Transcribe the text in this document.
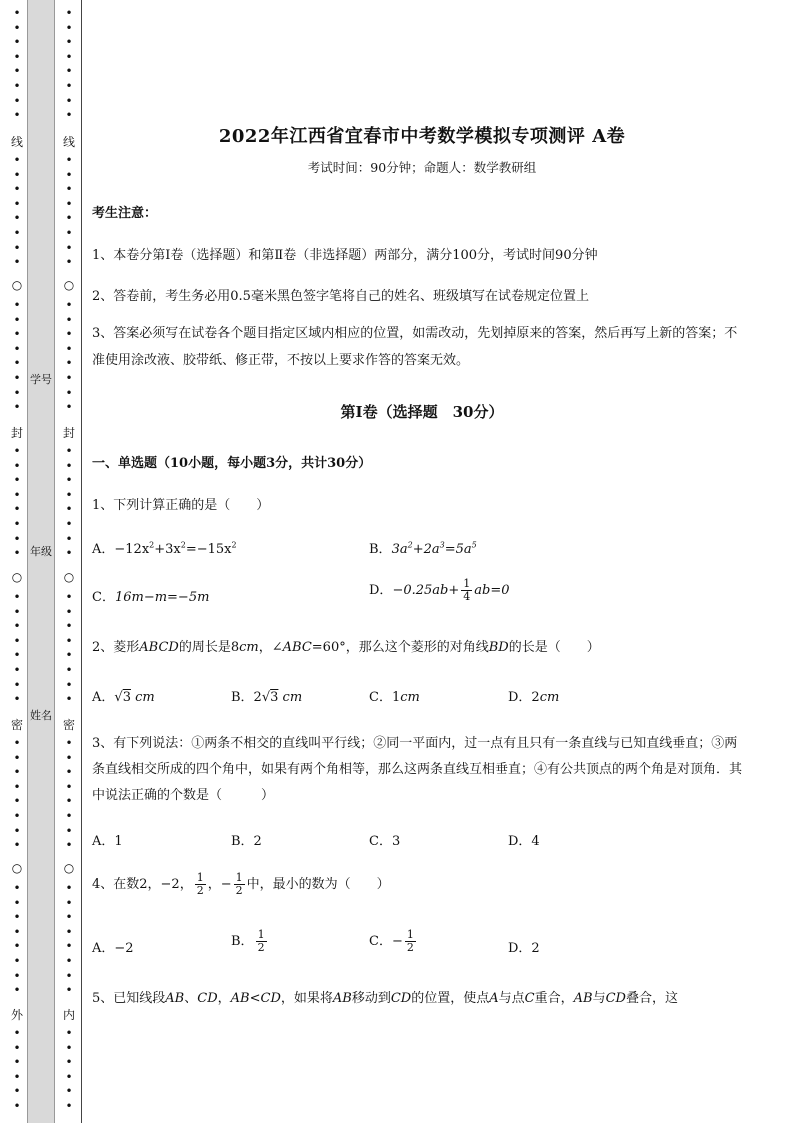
•
•
•
•
•
•
•
•
线
•
•
•
•
•
•
•
•
○
•
•
•
•
•
•
•
•
封
•
•
•
•
•
•
•
•
○
•
•
•
•
•
•
•
•
密
•
•
•
•
•
•
•
•
○
•
•
•
•
•
•
•
•
外
•
•
•
•
•
•
学号
年级
姓名
•
•
•
•
•
•
•
•
线
•
•
•
•
•
•
•
•
○
•
•
•
•
•
•
•
•
封
•
•
•
•
•
•
•
•
○
•
•
•
•
•
•
•
•
密
•
•
•
•
•
•
•
•
○
•
•
•
•
•
•
•
•
内
•
•
•
•
•
•
2022年江西省宜春市中考数学模拟专项测评 A卷
考试时间：90分钟；命题人：数学教研组
考生注意：
1、本卷分第I卷（选择题）和第Ⅱ卷（非选择题）两部分，满分100分，考试时间90分钟
2、答卷前，考生务必用0.5毫米黑色签字笔将自己的姓名、班级填写在试卷规定位置上
3、答案必须写在试卷各个题目指定区域内相应的位置，如需改动，先划掉原来的答案，然后再写上新的答案；不准使用涂改液、胶带纸、修正带，不按以上要求作答的答案无效。
第I卷（选择题　30分）
一、单选题（10小题，每小题3分，共计30分）
1、下列计算正确的是（　　）
A．$-12x^2+3x^2=-15x^2$	B．$3a^2+2a^3=5a^5$
C．16m−m=−5m	D．$-0.25ab+ \frac{1}{4} ab=0$
2、菱形ABCD的周长是8cm，∠ABC=60°，那么这个菱形的对角线BD的长是（　　）
A．√3 cm	B．2√3 cm	C．1cm	D．2cm
3、有下列说法：①两条不相交的直线叫平行线；②同一平面内，过一点有且只有一条直线与已知直线垂直；③两条直线相交所成的四个角中，如果有两个角相等，那么这两条直线互相垂直；④有公共顶点的两个角是对顶角．其中说法正确的个数是（　　　）
A．1	B．2	C．3	D．4
4、在数2，−2， $\frac{1}{2}$ ，− $\frac{1}{2}$ 中，最小的数为（　　）
A．−2	B． $\frac{1}{2}$	C．− $\frac{1}{2}$	D．2
5、已知线段AB、CD，AB<CD，如果将AB移动到CD的位置，使点A与点C重合，AB与CD叠合，这
